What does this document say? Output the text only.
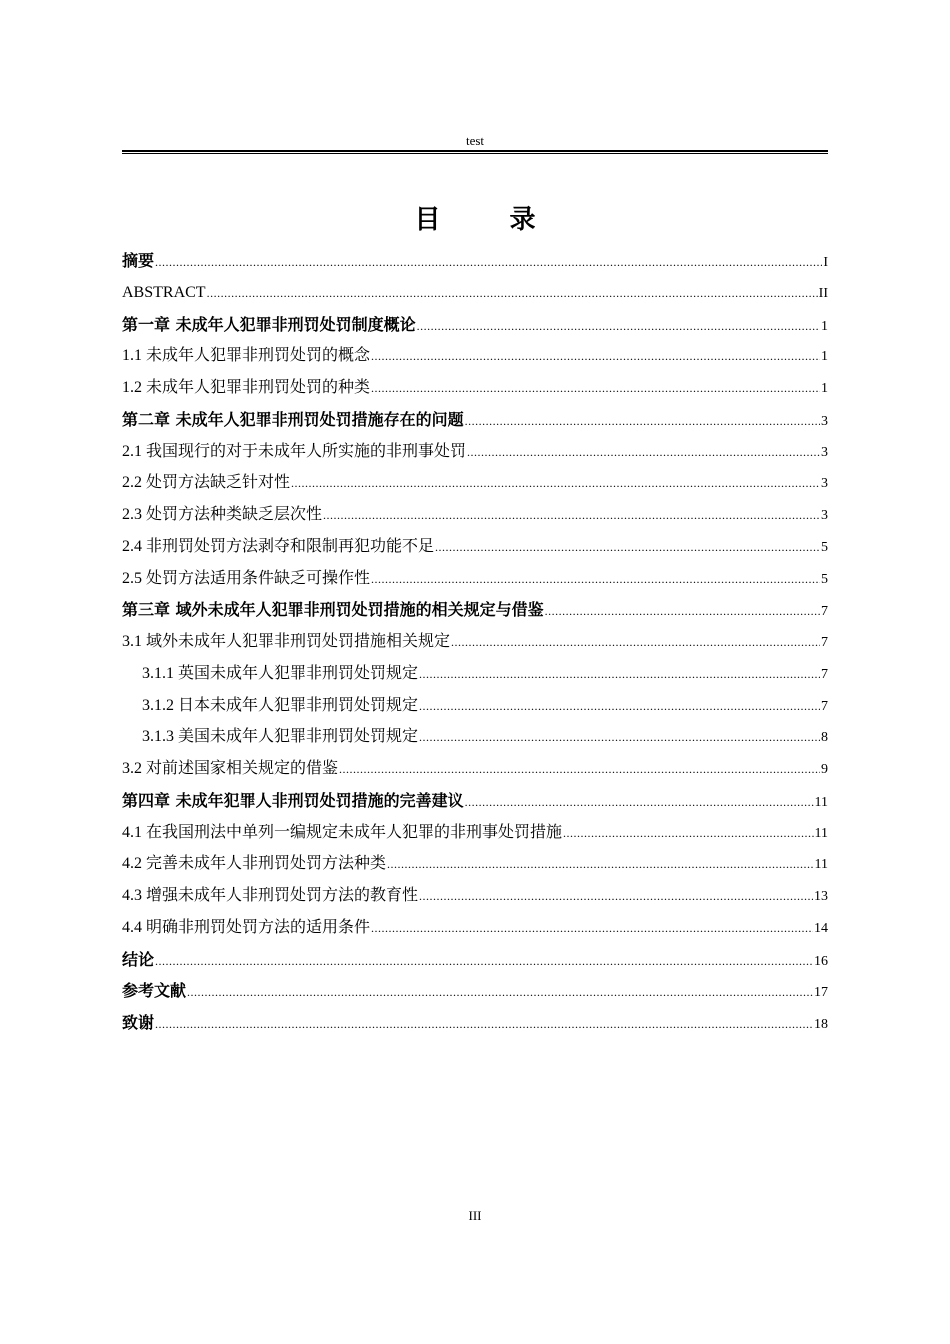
test
目 录
摘要 .....	I
ABSTRACT .....	II
第一章 未成年人犯罪非刑罚处罚制度概论 .....	1
1.1 未成年人犯罪非刑罚处罚的概念 .....	1
1.2 未成年人犯罪非刑罚处罚的种类 .....	1
第二章 未成年人犯罪非刑罚处罚措施存在的问题 .....	3
2.1 我国现行的对于未成年人所实施的非刑事处罚 .....	3
2.2 处罚方法缺乏针对性 .....	3
2.3 处罚方法种类缺乏层次性 .....	3
2.4 非刑罚处罚方法剥夺和限制再犯功能不足 .....	5
2.5 处罚方法适用条件缺乏可操作性 .....	5
第三章 域外未成年人犯罪非刑罚处罚措施的相关规定与借鉴 .....	7
3.1 域外未成年人犯罪非刑罚处罚措施相关规定 .....	7
3.1.1 英国未成年人犯罪非刑罚处罚规定 .....	7
3.1.2 日本未成年人犯罪非刑罚处罚规定 .....	7
3.1.3 美国未成年人犯罪非刑罚处罚规定 .....	8
3.2 对前述国家相关规定的借鉴 .....	9
第四章 未成年犯罪人非刑罚处罚措施的完善建议 .....	11
4.1 在我国刑法中单列一编规定未成年人犯罪的非刑事处罚措施 .....	11
4.2 完善未成年人非刑罚处罚方法种类 .....	11
4.3 增强未成年人非刑罚处罚方法的教育性 .....	13
4.4 明确非刑罚处罚方法的适用条件 .....	14
结论 .....	16
参考文献 .....	17
致谢 .....	18
III
